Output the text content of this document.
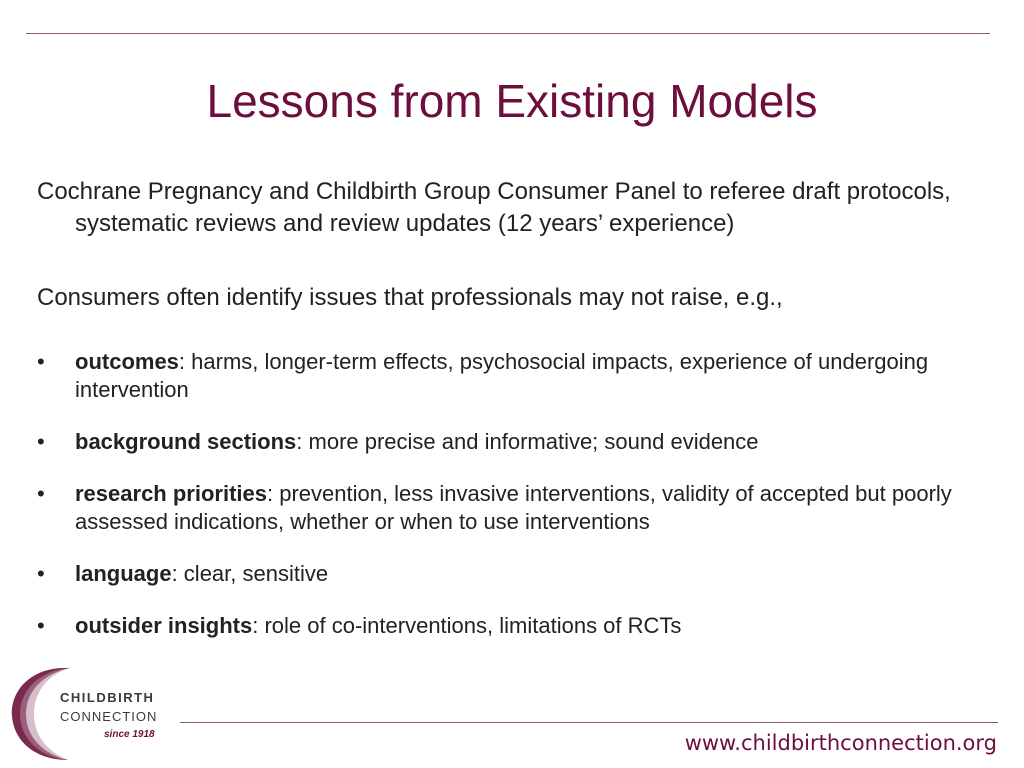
Lessons from Existing Models
Cochrane Pregnancy and Childbirth Group Consumer Panel to referee draft protocols, systematic reviews and review updates (12 years’ experience)
Consumers often identify issues that professionals may not raise, e.g.,
• outcomes: harms, longer-term effects, psychosocial impacts, experience of undergoing intervention
• background sections: more precise and informative; sound evidence
• research priorities: prevention, less invasive interventions, validity of accepted but poorly assessed indications, whether or when to use interventions
• language: clear, sensitive
• outsider insights: role of co-interventions, limitations of RCTs
CHILDBIRTH
CONNECTION
since 1918	www.childbirthconnection.org
